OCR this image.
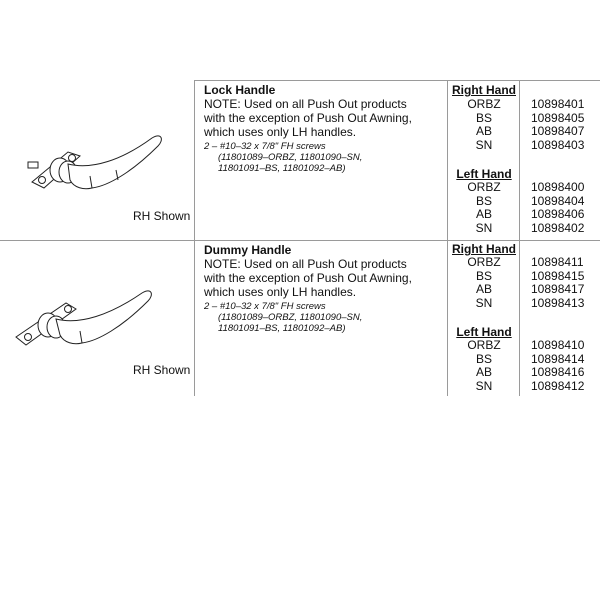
RH Shown
Lock Handle
NOTE: Used on all Push Out products
with the exception of Push Out Awning,
which uses only LH handles.
2 – #10–32 x 7/8" FH screws
(11801089–ORBZ, 11801090–SN,
11801091–BS, 11801092–AB)
Right Hand
ORBZ
BS
AB
SN
10898401
10898405
10898407
10898403
Left Hand
ORBZ
BS
AB
SN
10898400
10898404
10898406
10898402
RH Shown
Dummy Handle
NOTE: Used on all Push Out products
with the exception of Push Out Awning,
which uses only LH handles.
2 – #10–32 x 7/8" FH screws
(11801089–ORBZ, 11801090–SN,
11801091–BS, 11801092–AB)
Right Hand
ORBZ
BS
AB
SN
10898411
10898415
10898417
10898413
Left Hand
ORBZ
BS
AB
SN
10898410
10898414
10898416
10898412
